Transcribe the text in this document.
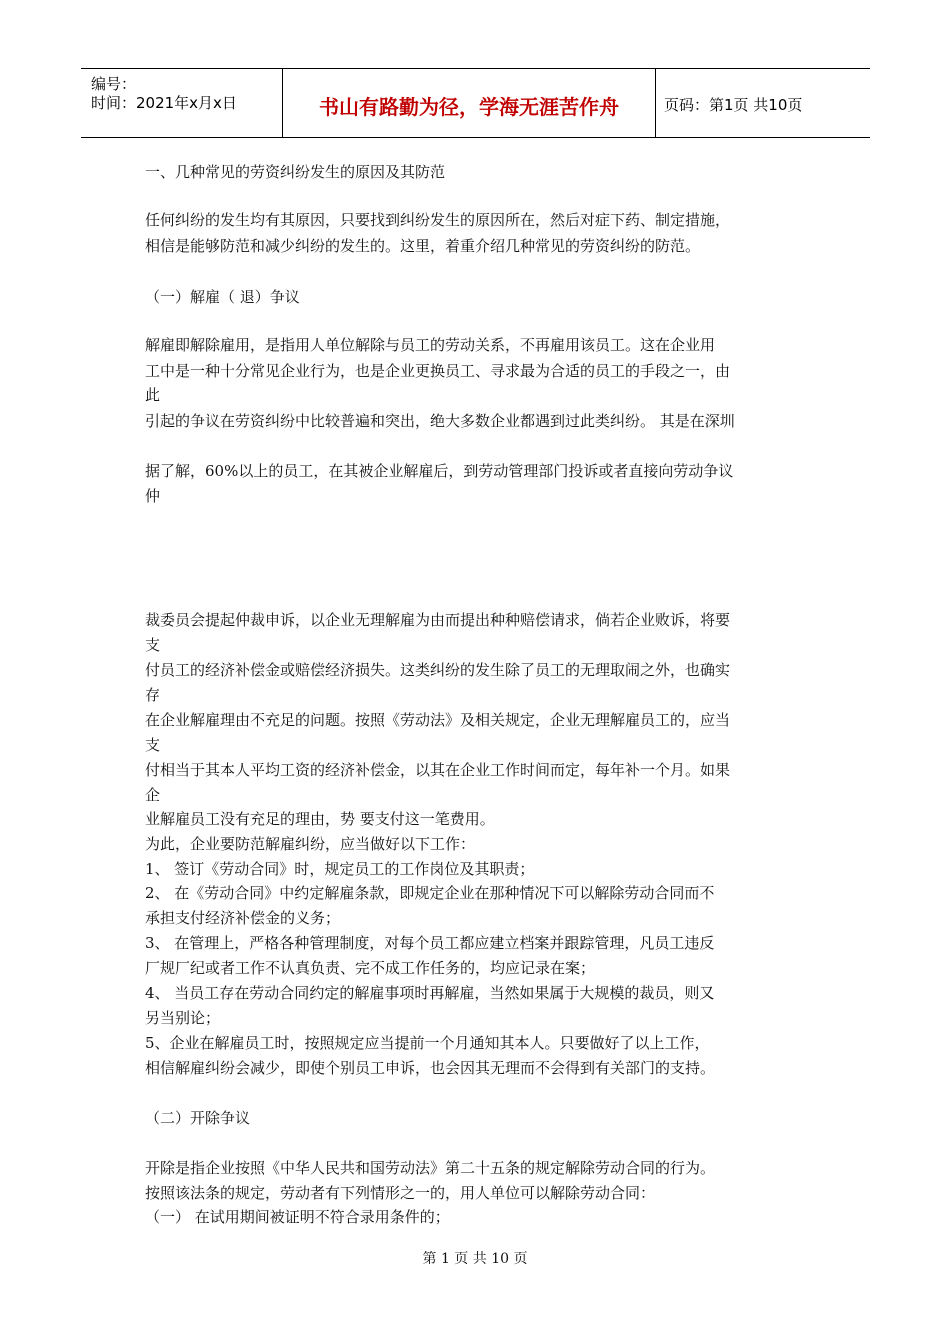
编号：
时间：2021年x月x日	书山有路勤为径，学海无涯苦作舟	页码：第1页 共10页
一、几种常见的劳资纠纷发生的原因及其防范
任何纠纷的发生均有其原因，只要找到纠纷发生的原因所在，然后对症下药、制定措施，
相信是能够防范和减少纠纷的发生的。这里，着重介绍几种常见的劳资纠纷的防范。
（一）解雇（ 退）争议
解雇即解除雇用，是指用人单位解除与员工的劳动关系，不再雇用该员工。这在企业用
工中是一种十分常见企业行为，也是企业更换员工、寻求最为合适的员工的手段之一，由
此
引起的争议在劳资纠纷中比较普遍和突出，绝大多数企业都遇到过此类纠纷。 其是在深圳
据了解，60%以上的员工，在其被企业解雇后，到劳动管理部门投诉或者直接向劳动争议
仲
裁委员会提起仲裁申诉，以企业无理解雇为由而提出种种赔偿请求，倘若企业败诉，将要
支
付员工的经济补偿金或赔偿经济损失。这类纠纷的发生除了员工的无理取闹之外，也确实
存
在企业解雇理由不充足的问题。按照《劳动法》及相关规定，企业无理解雇员工的，应当
支
付相当于其本人平均工资的经济补偿金，以其在企业工作时间而定，每年补一个月。如果
企
业解雇员工没有充足的理由，势 要支付这一笔费用。
为此，企业要防范解雇纠纷，应当做好以下工作：
1、 签订《劳动合同》时，规定员工的工作岗位及其职责；
2、 在《劳动合同》中约定解雇条款，即规定企业在那种情况下可以解除劳动合同而不
承担支付经济补偿金的义务；
3、 在管理上，严格各种管理制度，对每个员工都应建立档案并跟踪管理，凡员工违反
厂规厂纪或者工作不认真负责、完不成工作任务的，均应记录在案；
4、 当员工存在劳动合同约定的解雇事项时再解雇，当然如果属于大规模的裁员，则又
另当别论；
5、企业在解雇员工时，按照规定应当提前一个月通知其本人。只要做好了以上工作，
相信解雇纠纷会减少，即使个别员工申诉，也会因其无理而不会得到有关部门的支持。
（二）开除争议
开除是指企业按照《中华人民共和国劳动法》第二十五条的规定解除劳动合同的行为。
按照该法条的规定，劳动者有下列情形之一的，用人单位可以解除劳动合同：
（一） 在试用期间被证明不符合录用条件的；
第 1 页 共 10 页
